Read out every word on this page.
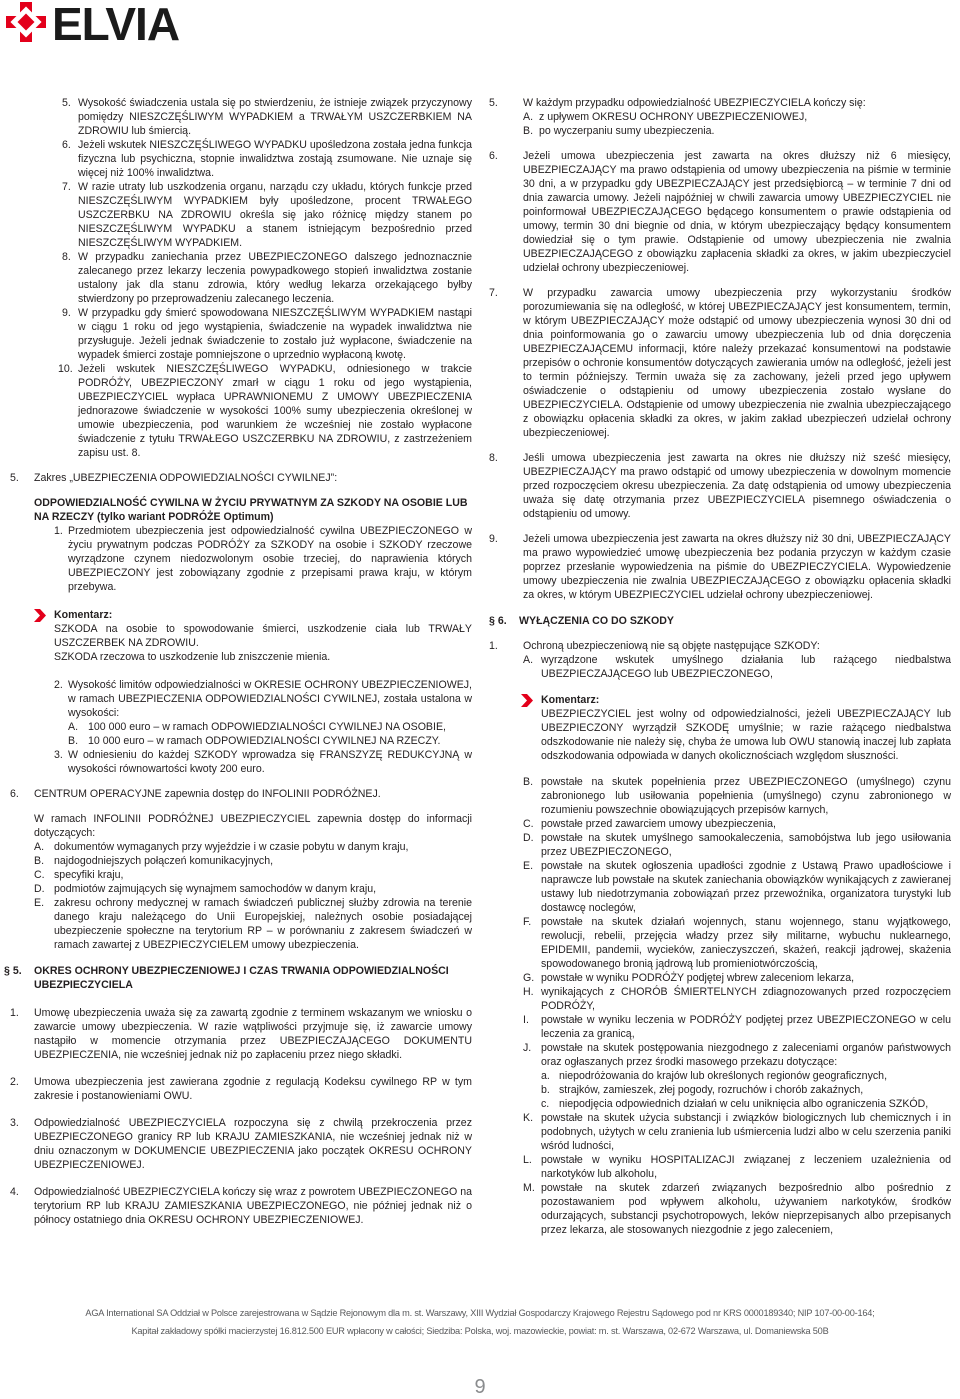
ELVIA
5. Wysokość świadczenia ustala się po stwierdzeniu, że istnieje związek przyczynowy pomiędzy NIESZCZĘŚLIWYM WYPADKIEM a TRWAŁYM USZCZERBKIEM NA ZDROWIU lub śmiercią.
6. Jeżeli wskutek NIESZCZĘŚLIWEGO WYPADKU upośledzona została jedna funkcja fizyczna lub psychiczna, stopnie inwalidztwa zostają zsumowane. Nie uznaje się więcej niż 100% inwalidztwa.
7. W razie utraty lub uszkodzenia organu, narządu czy układu, których funkcje przed NIESZCZĘŚLIWYM WYPADKIEM były upośledzone, procent TRWAŁEGO USZCZERBKU NA ZDROWIU określa się jako różnicę między stanem po NIESZCZĘŚLIWYM WYPADKU a stanem istniejącym bezpośrednio przed NIESZCZĘŚLIWYM WYPADKIEM.
8. W przypadku zaniechania przez UBEZPIECZONEGO dalszego jednoznacznie zalecanego przez lekarzy leczenia powypadkowego stopień inwalidztwa zostanie ustalony jak dla stanu zdrowia, który według lekarza orzekającego byłby stwierdzony po przeprowadzeniu zalecanego leczenia.
9. W przypadku gdy śmierć spowodowana NIESZCZĘŚLIWYM WYPADKIEM nastąpi w ciągu 1 roku od jego wystąpienia, świadczenie na wypadek inwalidztwa nie przysługuje. Jeżeli jednak świadczenie to zostało już wypłacone, świadczenie na wypadek śmierci zostaje pomniejszone o uprzednio wypłaconą kwotę.
10. Jeżeli wskutek NIESZCZĘŚLIWEGO WYPADKU, odniesionego w trakcie PODRÓŻY, UBEZPIECZONY zmarł w ciągu 1 roku od jego wystąpienia, UBEZPIECZYCIEL wypłaca UPRAWNIONEMU Z UMOWY UBEZPIECZENIA jednorazowe świadczenie w wysokości 100% sumy ubezpieczenia określonej w umowie ubezpieczenia, pod warunkiem że wcześniej nie zostało wypłacone świadczenie z tytułu TRWAŁEGO USZCZERBKU NA ZDROWIU, z zastrzeżeniem zapisu ust. 8.
5. Zakres „UBEZPIECZENIA ODPOWIEDZIALNOŚCI CYWILNEJ”:
ODPOWIEDZIALNOŚĆ CYWILNA W ŻYCIU PRYWATNYM ZA SZKODY NA OSOBIE LUB NA RZECZY (tylko wariant PODRÓŻE Optimum)
1. Przedmiotem ubezpieczenia jest odpowiedzialność cywilna UBEZPIECZONEGO w życiu prywatnym podczas PODRÓŻY za SZKODY na osobie i SZKODY rzeczowe wyrządzone czynem niedozwolonym osobie trzeciej, do naprawienia których UBEZPIECZONY jest zobowiązany zgodnie z przepisami prawa kraju, w którym przebywa.
Komentarz:
SZKODA na osobie to spowodowanie śmierci, uszkodzenie ciała lub TRWAŁY USZCZERBEK NA ZDROWIU.
SZKODA rzeczowa to uszkodzenie lub zniszczenie mienia.
2. Wysokość limitów odpowiedzialności w OKRESIE OCHRONY UBEZPIECZENIOWEJ, w ramach UBEZPIECZENIA ODPOWIEDZIALNOŚCI CYWILNEJ, została ustalona w wysokości:
A. 100 000 euro – w ramach ODPOWIEDZIALNOŚCI CYWILNEJ NA OSOBIE,
B. 10 000 euro – w ramach ODPOWIEDZIALNOŚCI CYWILNEJ NA RZECZY.
3. W odniesieniu do każdej SZKODY wprowadza się FRANSZYZĘ REDUKCYJNĄ w wysokości równowartości kwoty 200 euro.
6. CENTRUM OPERACYJNE zapewnia dostęp do INFOLINII PODRÓŻNEJ.
W ramach INFOLINII PODRÓŻNEJ UBEZPIECZYCIEL zapewnia dostęp do informacji dotyczących:
A. dokumentów wymaganych przy wyjeździe i w czasie pobytu w danym kraju,
B. najdogodniejszych połączeń komunikacyjnych,
C. specyfiki kraju,
D. podmiotów zajmujących się wynajmem samochodów w danym kraju,
E. zakresu ochrony medycznej w ramach świadczeń publicznej służby zdrowia na terenie danego kraju należącego do Unii Europejskiej, należnych osobie posiadającej ubezpieczenie społeczne na terytorium RP – w porównaniu z zakresem świadczeń w ramach zawartej z UBEZPIECZYCIELEM umowy ubezpieczenia.
§ 5. OKRES OCHRONY UBEZPIECZENIOWEJ I CZAS TRWANIA ODPOWIEDZIALNOŚCI UBEZPIECZYCIELA
1. Umowę ubezpieczenia uważa się za zawartą zgodnie z terminem wskazanym we wniosku o zawarcie umowy ubezpieczenia. W razie wątpliwości przyjmuje się, iż zawarcie umowy nastąpiło w momencie otrzymania przez UBEZPIECZAJĄCEGO DOKUMENTU UBEZPIECZENIA, nie wcześniej jednak niż po zapłaceniu przez niego składki.
2. Umowa ubezpieczenia jest zawierana zgodnie z regulacją Kodeksu cywilnego RP w tym zakresie i postanowieniami OWU.
3. Odpowiedzialność UBEZPIECZYCIELA rozpoczyna się z chwilą przekroczenia przez UBEZPIECZONEGO granicy RP lub KRAJU ZAMIESZKANIA, nie wcześniej jednak niż w dniu oznaczonym w DOKUMENCIE UBEZPIECZENIA jako początek OKRESU OCHRONY UBEZPIECZENIOWEJ.
4. Odpowiedzialność UBEZPIECZYCIELA kończy się wraz z powrotem UBEZPIECZONEGO na terytorium RP lub KRAJU ZAMIESZKANIA UBEZPIECZONEGO, nie później jednak niż o północy ostatniego dnia OKRESU OCHRONY UBEZPIECZENIOWEJ.
5. W każdym przypadku odpowiedzialność UBEZPIECZYCIELA kończy się:
A. z upływem OKRESU OCHRONY UBEZPIECZENIOWEJ,
B. po wyczerpaniu sumy ubezpieczenia.
6. Jeżeli umowa ubezpieczenia jest zawarta na okres dłuższy niż 6 miesięcy, UBEZPIECZAJĄCY ma prawo odstąpienia od umowy ubezpieczenia na piśmie w terminie 30 dni, a w przypadku gdy UBEZPIECZAJĄCY jest przedsiębiorcą – w terminie 7 dni od dnia zawarcia umowy. Jeżeli najpóźniej w chwili zawarcia umowy UBEZPIECZYCIEL nie poinformował UBEZPIECZAJĄCEGO będącego konsumentem o prawie odstąpienia od umowy, termin 30 dni biegnie od dnia, w którym ubezpieczający będący konsumentem dowiedział się o tym prawie. Odstąpienie od umowy ubezpieczenia nie zwalnia UBEZPIECZAJĄCEGO z obowiązku zapłacenia składki za okres, w jakim ubezpieczyciel udzielał ochrony ubezpieczeniowej.
7. W przypadku zawarcia umowy ubezpieczenia przy wykorzystaniu środków porozumiewania się na odległość, w której UBEZPIECZAJĄCY jest konsumentem, termin, w którym UBEZPIECZAJĄCY może odstąpić od umowy ubezpieczenia wynosi 30 dni od dnia poinformowania go o zawarciu umowy ubezpieczenia lub od dnia doręczenia UBEZPIECZAJĄCEMU informacji, które należy przekazać konsumentowi na podstawie przepisów o ochronie konsumentów dotyczących zawierania umów na odległość, jeżeli jest to termin późniejszy. Termin uważa się za zachowany, jeżeli przed jego upływem oświadczenie o odstąpieniu od umowy ubezpieczenia zostało wysłane do UBEZPIECZYCIELA. Odstąpienie od umowy ubezpieczenia nie zwalnia ubezpieczającego z obowiązku opłacenia składki za okres, w jakim zakład ubezpieczeń udzielał ochrony ubezpieczeniowej.
8. Jeśli umowa ubezpieczenia jest zawarta na okres nie dłuższy niż sześć miesięcy, UBEZPIECZAJĄCY ma prawo odstąpić od umowy ubezpieczenia w dowolnym momencie przed rozpoczęciem okresu ubezpieczenia. Za datę odstąpienia od umowy ubezpieczenia uważa się datę otrzymania przez UBEZPIECZYCIELA pisemnego oświadczenia o odstąpieniu od umowy.
9. Jeżeli umowa ubezpieczenia jest zawarta na okres dłuższy niż 30 dni, UBEZPIECZAJĄCY ma prawo wypowiedzieć umowę ubezpieczenia bez podania przyczyn w każdym czasie poprzez przesłanie wypowiedzenia na piśmie do UBEZPIECZYCIELA. Wypowiedzenie umowy ubezpieczenia nie zwalnia UBEZPIECZAJĄCEGO z obowiązku opłacenia składki za okres, w którym UBEZPIECZYCIEL udzielał ochrony ubezpieczeniowej.
§ 6. WYŁĄCZENIA CO DO SZKODY
1. Ochroną ubezpieczeniową nie są objęte następujące SZKODY:
A. wyrządzone wskutek umyślnego działania lub rażącego niedbalstwa UBEZPIECZAJĄCEGO lub UBEZPIECZONEGO,
Komentarz:
UBEZPIECZYCIEL jest wolny od odpowiedzialności, jeżeli UBEZPIECZAJĄCY lub UBEZPIECZONY wyrządził SZKODĘ umyślnie; w razie rażącego niedbalstwa odszkodowanie nie należy się, chyba że umowa lub OWU stanowią inaczej lub zapłata odszkodowania odpowiada w danych okolicznościach względom słuszności.
B. powstałe na skutek popełnienia przez UBEZPIECZONEGO (umyślnego) czynu zabronionego lub usiłowania popełnienia (umyślnego) czynu zabronionego w rozumieniu powszechnie obowiązujących przepisów karnych,
C. powstałe przed zawarciem umowy ubezpieczenia,
D. powstałe na skutek umyślnego samookaleczenia, samobójstwa lub jego usiłowania przez UBEZPIECZONEGO,
E. powstałe na skutek ogłoszenia upadłości zgodnie z Ustawą Prawo upadłościowe i naprawcze lub powstałe na skutek zaniechania obowiązków wynikających z zawieranej ustawy lub niedotrzymania zobowiązań przez przewoźnika, organizatora turystyki lub dostawcę noclegów,
F. powstałe na skutek działań wojennych, stanu wojennego, stanu wyjątkowego, rewolucji, rebelii, przejęcia władzy przez siły militarne, wybuchu nuklearnego, EPIDEMII, pandemii, wycieków, zanieczyszczeń, skażeń, reakcji jądrowej, skażenia spowodowanego bronią jądrową lub promieniotwórczością,
G. powstałe w wyniku PODRÓŻY podjętej wbrew zaleceniom lekarza,
H. wynikających z CHORÓB ŚMIERTELNYCH zdiagnozowanych przed rozpoczęciem PODRÓŻY,
I. powstałe w wyniku leczenia w PODRÓŻY podjętej przez UBEZPIECZONEGO w celu leczenia za granicą,
J. powstałe na skutek postępowania niezgodnego z zaleceniami organów państwowych oraz ogłaszanych przez środki masowego przekazu dotyczące:
a. niepodróżowania do krajów lub określonych regionów geograficznych,
b. strajków, zamieszek, złej pogody, rozruchów i chorób zakaźnych,
c. niepodjęcia odpowiednich działań w celu uniknięcia albo ograniczenia SZKÓD,
K. powstałe na skutek użycia substancji i związków biologicznych lub chemicznych i in podobnych, użytych w celu zranienia lub uśmiercenia ludzi albo w celu szerzenia paniki wśród ludności,
L. powstałe w wyniku HOSPITALIZACJI związanej z leczeniem uzależnienia od narkotyków lub alkoholu,
M. powstałe na skutek zdarzeń związanych bezpośrednio albo pośrednio z pozostawaniem pod wpływem alkoholu, używaniem narkotyków, środków odurzających, substancji psychotropowych, leków nieprzepisanych albo przepisanych przez lekarza, ale stosowanych niezgodnie z jego zaleceniem,
AGA International SA Oddział w Polsce zarejestrowana w Sądzie Rejonowym dla m. st. Warszawy, XIII Wydział Gospodarczy Krajowego Rejestru Sądowego pod nr KRS 0000189340; NIP 107-00-00-164;
Kapitał zakładowy spółki macierzystej 16.812.500 EUR wpłacony w całości; Siedziba: Polska, woj. mazowieckie, powiat: m. st. Warszawa, 02-672 Warszawa, ul. Domaniewska 50B
9
